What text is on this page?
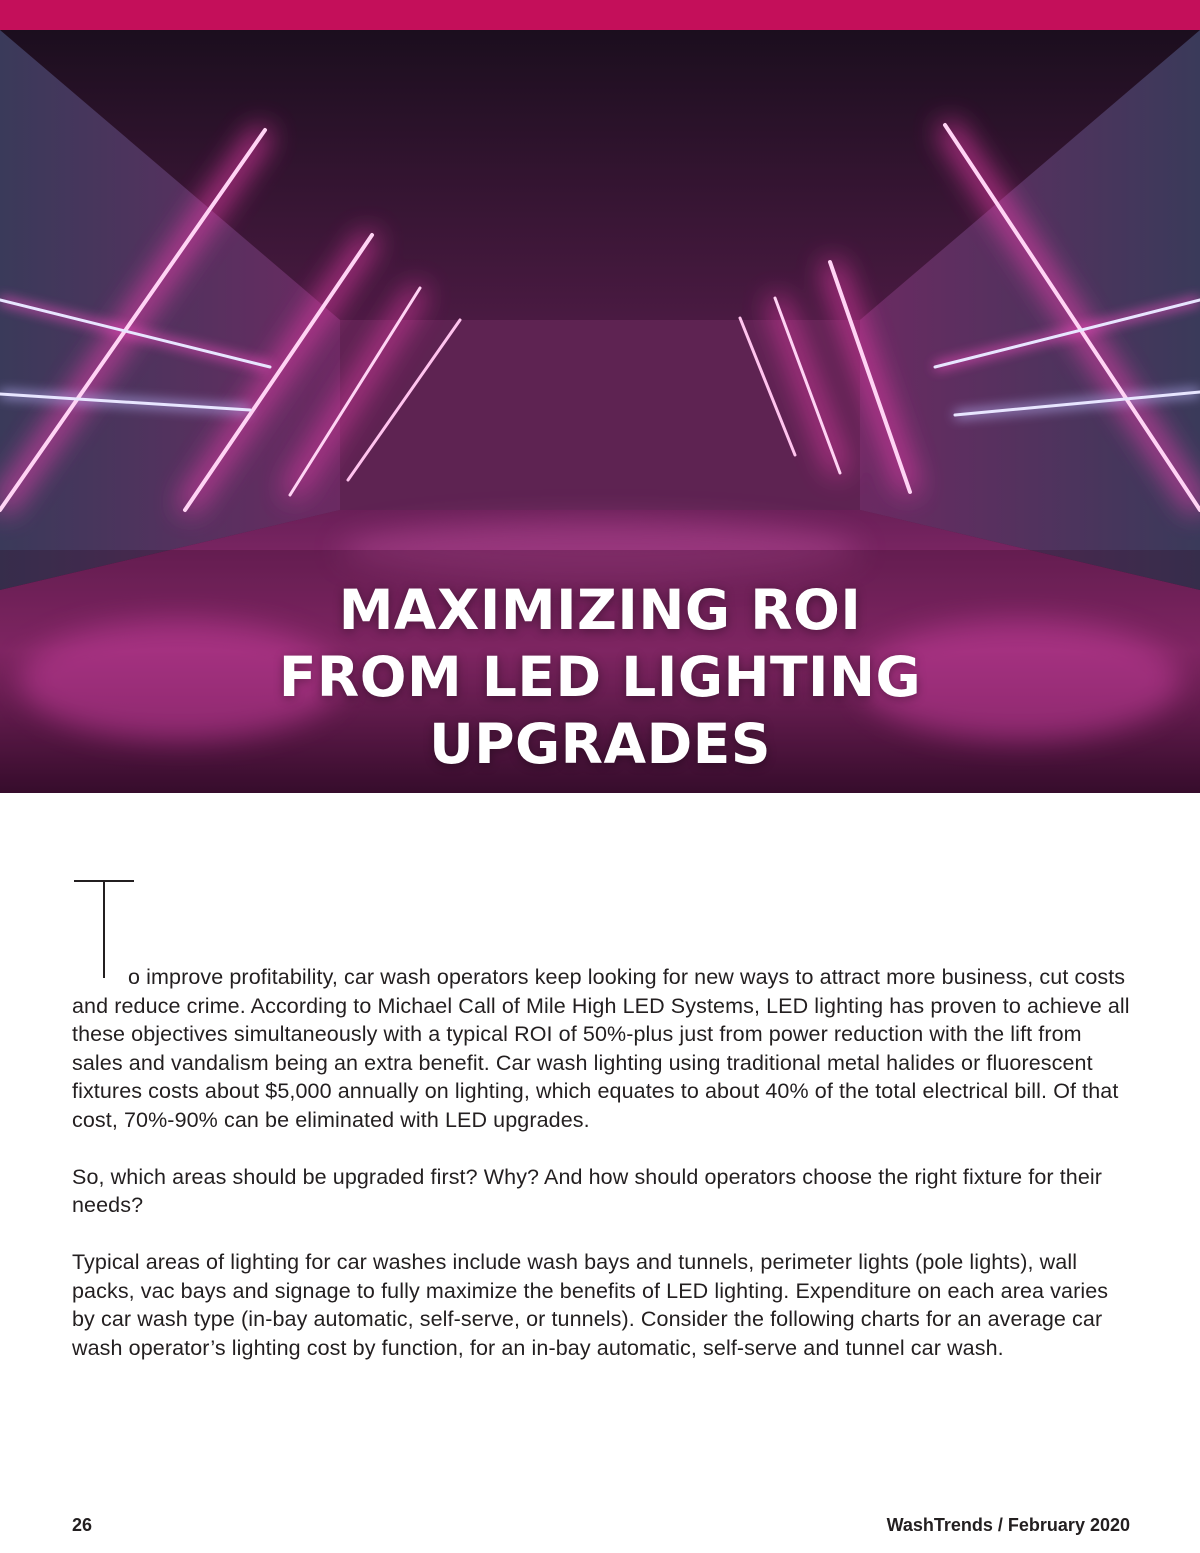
MAXIMIZING ROI
FROM LED LIGHTING
UPGRADES
T

o improve profitability, car wash operators keep looking for new ways to attract more business, cut costs and reduce crime. According to Michael Call of Mile High LED Systems, LED lighting has proven to achieve all these objectives simultaneously with a typical ROI of 50%-plus just from power reduction with the lift from sales and vandalism being an extra benefit. Car wash lighting using traditional metal halides or fluorescent fixtures costs about $5,000 annually on lighting, which equates to about 40% of the total electrical bill. Of that cost, 70%-90% can be eliminated with LED upgrades.

So, which areas should be upgraded first? Why? And how should operators choose the right fixture for their needs?

Typical areas of lighting for car washes include wash bays and tunnels, perimeter lights (pole lights), wall packs, vac bays and signage to fully maximize the benefits of LED lighting. Expenditure on each area varies by car wash type (in-bay automatic, self-serve, or tunnels). Consider the following charts for an average car wash operator’s lighting cost by function, for an in-bay automatic, self-serve and tunnel car wash.

26	WashTrends / February 2020
